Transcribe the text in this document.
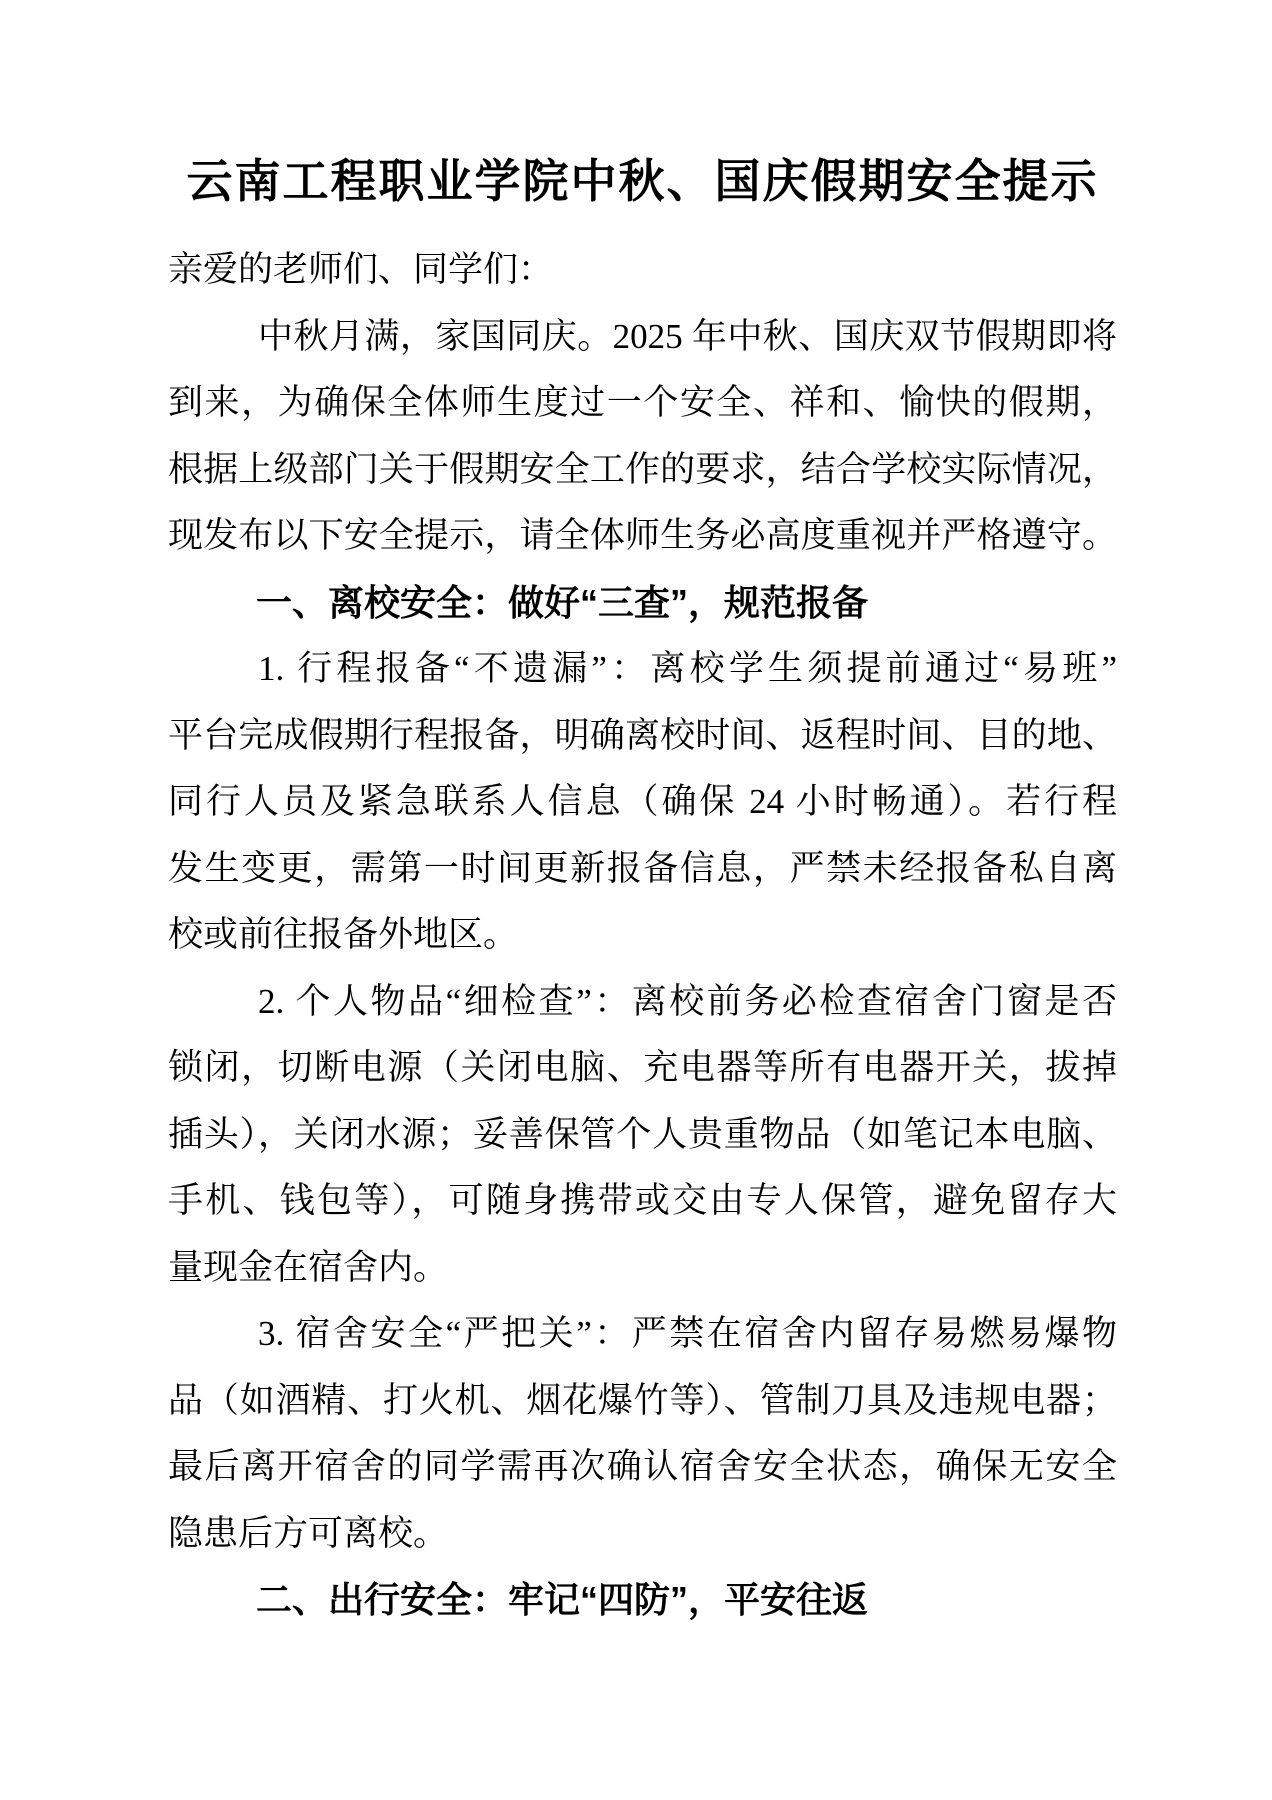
云南工程职业学院中秋、国庆假期安全提示

亲爱的老师们、同学们：

中秋月满，家国同庆。2025 年中秋、国庆双节假期即将
到来，为确保全体师生度过一个安全、祥和、愉快的假期，
根据上级部门关于假期安全工作的要求，结合学校实际情况，
现发布以下安全提示，请全体师生务必高度重视并严格遵守。
一、离校安全：做好“三查”，规范报备
1. 行程报备“不遗漏”：离校学生须提前通过“易班”
平台完成假期行程报备，明确离校时间、返程时间、目的地、
同行人员及紧急联系人信息（确保 24 小时畅通）。若行程
发生变更，需第一时间更新报备信息，严禁未经报备私自离
校或前往报备外地区。
2. 个人物品“细检查”：离校前务必检查宿舍门窗是否
锁闭，切断电源（关闭电脑、充电器等所有电器开关，拔掉
插头），关闭水源；妥善保管个人贵重物品（如笔记本电脑、
手机、钱包等），可随身携带或交由专人保管，避免留存大
量现金在宿舍内。
3. 宿舍安全“严把关”：严禁在宿舍内留存易燃易爆物
品（如酒精、打火机、烟花爆竹等）、管制刀具及违规电器；
最后离开宿舍的同学需再次确认宿舍安全状态，确保无安全
隐患后方可离校。
二、出行安全：牢记“四防”，平安往返
